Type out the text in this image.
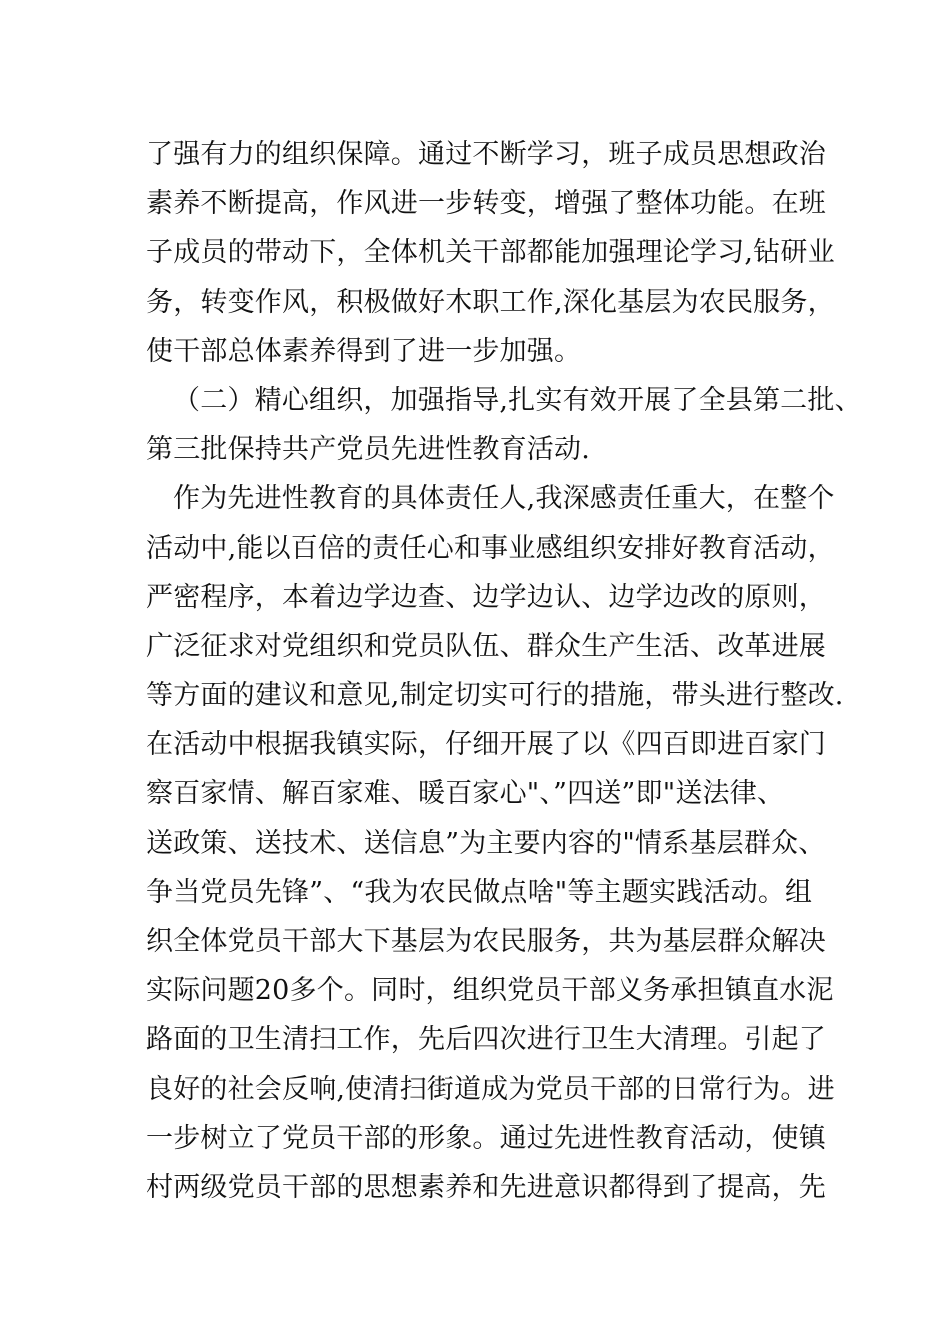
了强有力的组织保障。通过不断学习，班子成员思想政治
素养不断提高，作风进一步转变，增强了整体功能。在班
子成员的带动下，全体机关干部都能加强理论学习,钻研业
务，转变作风，积极做好木职工作,深化基层为农民服务，
使干部总体素养得到了进一步加强。
（二）精心组织，加强指导,扎实有效开展了全县第二批、
第三批保持共产党员先进性教育活动.
作为先进性教育的具体责任人,我深感责任重大，在整个
活动中,能以百倍的责任心和事业感组织安排好教育活动，
严密程序，本着边学边查、边学边认、边学边改的原则，
广泛征求对党组织和党员队伍、群众生产生活、改革进展
等方面的建议和意见,制定切实可行的措施，带头进行整改.
在活动中根据我镇实际，仔细开展了以《四百即进百家门
察百家情、解百家难、暖百家心"、”四送”即"送法律、
送政策、送技术、送信息”为主要内容的"情系基层群众、
争当党员先锋”、“我为农民做点啥"等主题实践活动。组
织全体党员干部大下基层为农民服务，共为基层群众解决
实际问题20多个。同时，组织党员干部义务承担镇直水泥
路面的卫生清扫工作，先后四次进行卫生大清理。引起了
良好的社会反响,使清扫街道成为党员干部的日常行为。进
一步树立了党员干部的形象。通过先进性教育活动，使镇
村两级党员干部的思想素养和先进意识都得到了提高，先
